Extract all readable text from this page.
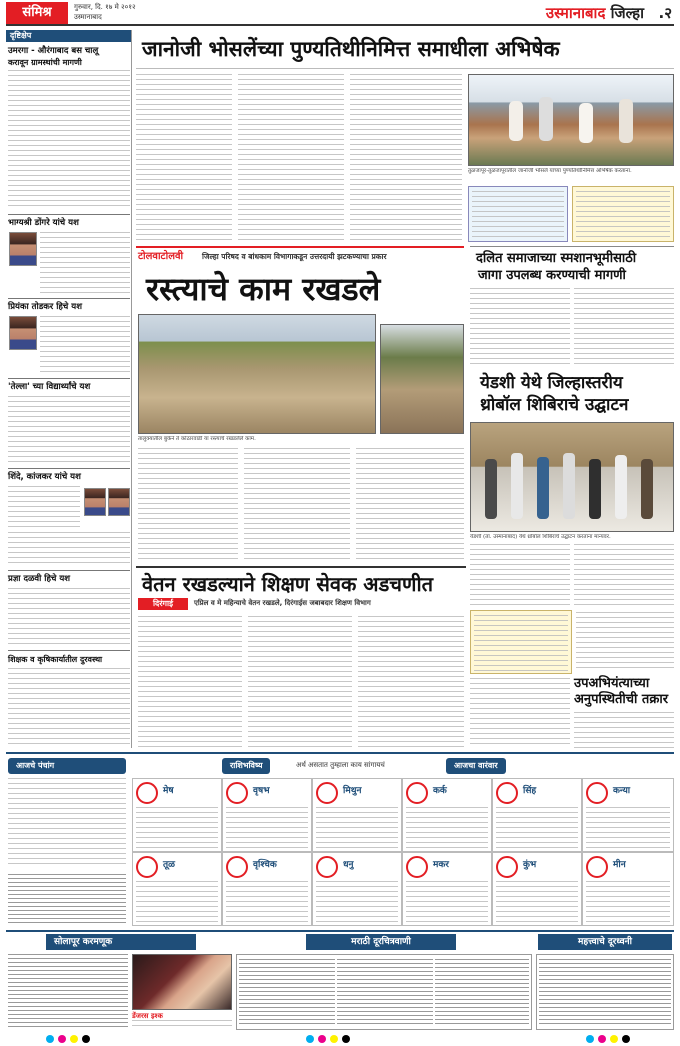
संमिश्र	गुरुवार, दि. १७ मे २०१२
उस्मानाबाद	उस्मानाबाद जिल्हा .२
दृष्टिक्षेप
उमरगा - औरंगाबाद बस चालू
करावून ग्रामस्थांची मागणी
भाग्यश्री डोंगरे यांचे यश
प्रियंका तोडकर हिचे यश
'तेल्ला' च्या विद्यार्थ्यांचे यश
शिंदे, कांजकर यांचे यश
प्रज्ञा दळवी हिचे यश
शिक्षक व कृषिकार्यातील दुरवस्था
जानोजी भोसलेंच्या पुण्यतिथीनिमित्त समाधीला अभिषेक
तुळजापूर-तुळजापूरातील जानोजी भोसले यांच्या पुण्यतिथीनिमित्त अभिषेक करताना.
टोलवाटोलवी	जिल्हा परिषद व बांधकाम विभागाकडून उत्तरदायी झटकण्याचा प्रकार
रस्त्याचे काम रखडले
तालुक्यातील बुकेने ते कोठारवाडी या रस्त्याचे रखडलेले काम.
दलित समाजाच्या स्मशानभूमीसाठी
जागा उपलब्ध करण्याची मागणी
येडशी येथे जिल्हास्तरीय
थ्रोबॉल शिबिराचे उद्घाटन
येडशी (ता. उस्मानाबाद) येथे थ्रोबॉल शिबिराचे उद्घाटन करताना मान्यवर.
वेतन रखडल्याने शिक्षण सेवक अडचणीत
दिरंगाई	एप्रिल व मे महिन्याचे वेतन रखडले, दिरंगाईस जबाबदार शिक्षण विभाग
उपअभियंत्याच्या
अनुपस्थितीची तक्रार
आजचे पंचांग	राशिभविष्य	अर्थ असतात तुम्हाला काय सांगायचं	आजचा वारंवार
मेष	वृषभ	मिथुन	कर्क	सिंह	कन्या
तूळ	वृश्चिक	धनु	मकर	कुंभ	मीन
सोलापूर करमणूक	मराठी दूरचित्रवाणी	महत्त्वाचे दूरध्वनी
डेंजरस इश्क
